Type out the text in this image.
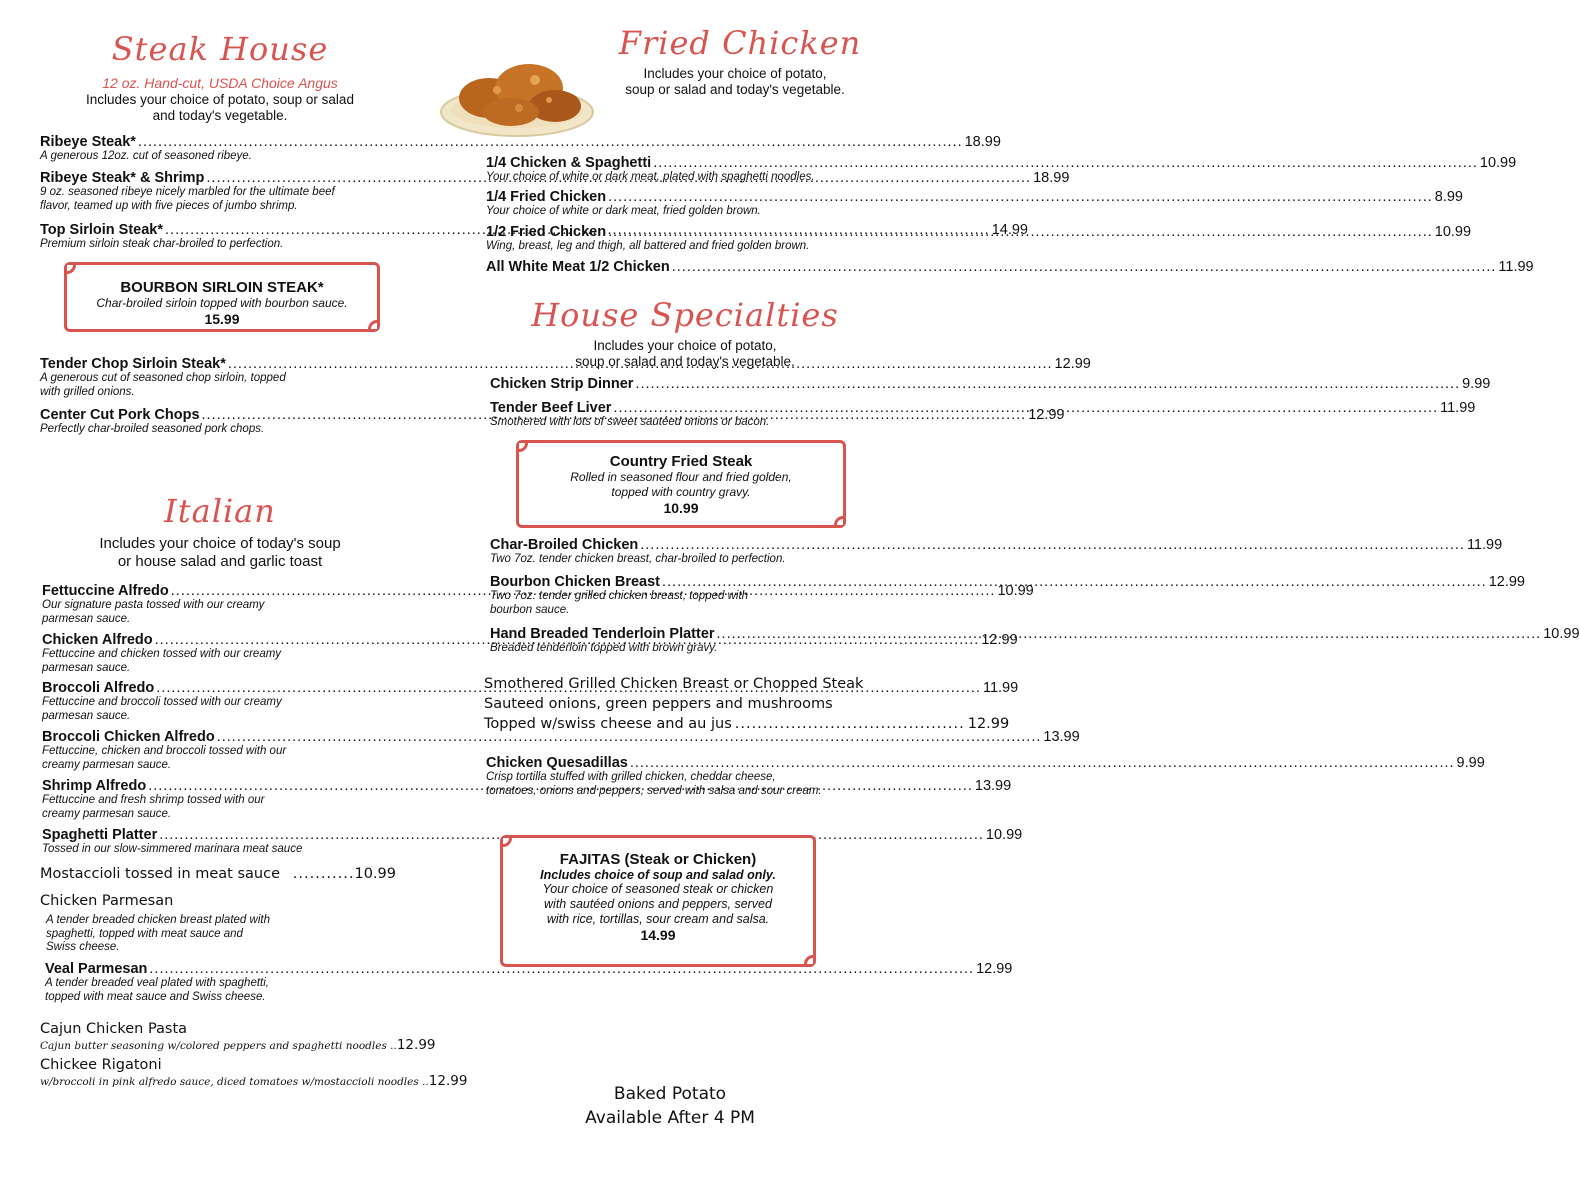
Steak House
12 oz. Hand-cut, USDA Choice Angus
Includes your choice of potato, soup or salad
and today's vegetable.
Ribeye Steak* .....	18.99
A generous 12oz. cut of seasoned ribeye.
Ribeye Steak* & Shrimp .....	18.99
9 oz. seasoned ribeye nicely marbled for the ultimate beef
flavor, teamed up with five pieces of jumbo shrimp.
Top Sirloin Steak* .....	14.99
Premium sirloin steak char-broiled to perfection.
BOURBON SIRLOIN STEAK*
Char-broiled sirloin topped with bourbon sauce.
15.99
Tender Chop Sirloin Steak* .....	12.99
A generous cut of seasoned chop sirloin, topped
with grilled onions.
Center Cut Pork Chops .....	12.99
Perfectly char-broiled seasoned pork chops.
Italian
Includes your choice of today's soup
or house salad and garlic toast
Fettuccine Alfredo .....	10.99
Our signature pasta tossed with our creamy
parmesan sauce.
Chicken Alfredo .....	12.99
Fettuccine and chicken tossed with our creamy
parmesan sauce.
Broccoli Alfredo .....	11.99
Fettuccine and broccoli tossed with our creamy
parmesan sauce.
Broccoli Chicken Alfredo .....	13.99
Fettuccine, chicken and broccoli tossed with our
creamy parmesan sauce.
Shrimp Alfredo .....	13.99
Fettuccine and fresh shrimp tossed with our
creamy parmesan sauce.
Spaghetti Platter .....	10.99
Tossed in our slow-simmered marinara meat sauce
Mostaccioli tossed in meat sauce ........... 10.99
Chicken Parmesan
A tender breaded chicken breast plated with
spaghetti, topped with meat sauce and
Swiss cheese.
Veal Parmesan .....	12.99
A tender breaded veal plated with spaghetti,
topped with meat sauce and Swiss cheese.
Cajun Chicken Pasta
Cajun butter seasoning w/colored peppers and spaghetti noodles .. 12.99
Chickee Rigatoni
w/broccoli in pink alfredo sauce, diced tomatoes w/mostaccioli noodles .. 12.99
Fried Chicken
Includes your choice of potato,
soup or salad and today's vegetable.
1/4 Chicken & Spaghetti .....	10.99
Your choice of white or dark meat, plated with spaghetti noodles.
1/4 Fried Chicken .....	8.99
Your choice of white or dark meat, fried golden brown.
1/2 Fried Chicken .....	10.99
Wing, breast, leg and thigh, all battered and fried golden brown.
All White Meat 1/2 Chicken .....	11.99
House Specialties
Includes your choice of potato,
soup or salad and today's vegetable.
Chicken Strip Dinner .....	9.99
Tender Beef Liver .....	11.99
Smothered with lots of sweet sautéed onions or bacon.
Country Fried Steak
Rolled in seasoned flour and fried golden,
topped with country gravy.
10.99
Char-Broiled Chicken .....	11.99
Two 7oz. tender chicken breast, char-broiled to perfection.
Bourbon Chicken Breast .....	12.99
Two 7oz. tender grilled chicken breast, topped with
bourbon sauce.
Hand Breaded Tenderloin Platter .....	10.99
Breaded tenderloin topped with brown gravy.
Smothered Grilled Chicken Breast or Chopped Steak
Sauteed onions, green peppers and mushrooms
Topped w/swiss cheese and au jus ......................................... 12.99
Chicken Quesadillas .....	9.99
Crisp tortilla stuffed with grilled chicken, cheddar cheese,
tomatoes, onions and peppers, served with salsa and sour cream.
FAJITAS (Steak or Chicken)
Includes choice of soup and salad only.
Your choice of seasoned steak or chicken
with sautéed onions and peppers, served
with rice, tortillas, sour cream and salsa.
14.99
Baked Potato
Available After 4 PM
